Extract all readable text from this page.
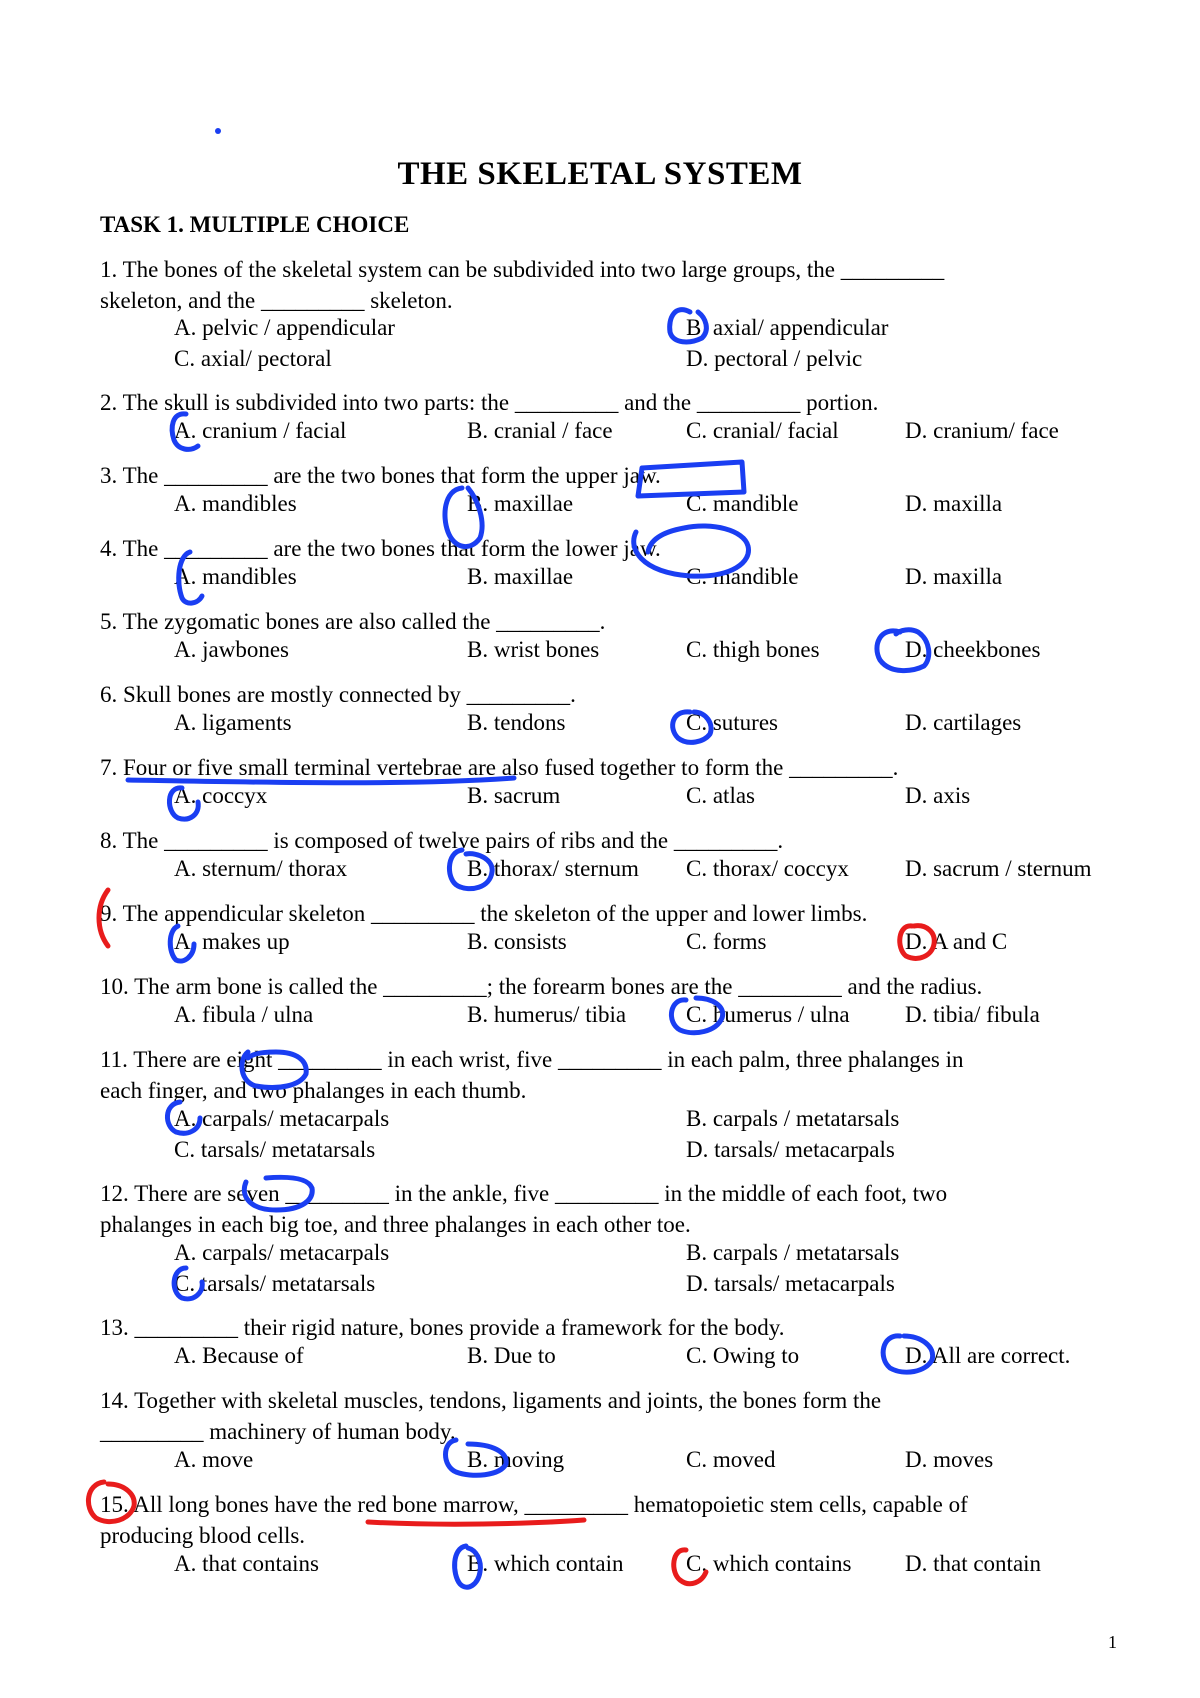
THE SKELETAL SYSTEM
TASK 1. MULTIPLE CHOICE
1. The bones of the skeletal system can be subdivided into two large groups, the _________
skeleton, and the _________ skeleton.
A. pelvic / appendicular	B. axial/ appendicular
C. axial/ pectoral	D. pectoral / pelvic
2. The skull is subdivided into two parts: the _________ and the _________ portion.
A. cranium / facial	B. cranial / face	C. cranial/ facial	D. cranium/ face
3. The _________ are the two bones that form the upper jaw.
A. mandibles	B. maxillae	C. mandible	D. maxilla
4. The _________ are the two bones that form the lower jaw.
A. mandibles	B. maxillae	C. mandible	D. maxilla
5. The zygomatic bones are also called the _________.
A. jawbones	B. wrist bones	C. thigh bones	D. cheekbones
6. Skull bones are mostly connected by _________.
A. ligaments	B. tendons	C. sutures	D. cartilages
7. Four or five small terminal vertebrae are also fused together to form the _________.
A. coccyx	B. sacrum	C. atlas	D. axis
8. The _________ is composed of twelve pairs of ribs and the _________.
A. sternum/ thorax	B. thorax/ sternum C. thorax/ coccyx D. sacrum / sternum
9. The appendicular skeleton _________ the skeleton of the upper and lower limbs.
A. makes up	B. consists	C. forms	D. A and C
10. The arm bone is called the _________; the forearm bones are the _________ and the radius.
A. fibula / ulna	B. humerus/ tibia	C. humerus / ulna D. tibia/ fibula
11. There are eight _________ in each wrist, five _________ in each palm, three phalanges in
each finger, and two phalanges in each thumb.
A. carpals/ metacarpals	B. carpals / metatarsals
C. tarsals/ metatarsals	D. tarsals/ metacarpals
12. There are seven _________ in the ankle, five _________ in the middle of each foot, two
phalanges in each big toe, and three phalanges in each other toe.
A. carpals/ metacarpals	B. carpals / metatarsals
C. tarsals/ metatarsals	D. tarsals/ metacarpals
13. _________ their rigid nature, bones provide a framework for the body.
A. Because of	B. Due to	C. Owing to	D. All are correct.
14. Together with skeletal muscles, tendons, ligaments and joints, the bones form the
_________ machinery of human body.
A. move	B. moving	C. moved	D. moves
15. All long bones have the red bone marrow, _________ hematopoietic stem cells, capable of
producing blood cells.
A. that contains	B. which contain	C. which contains D. that contain
1
